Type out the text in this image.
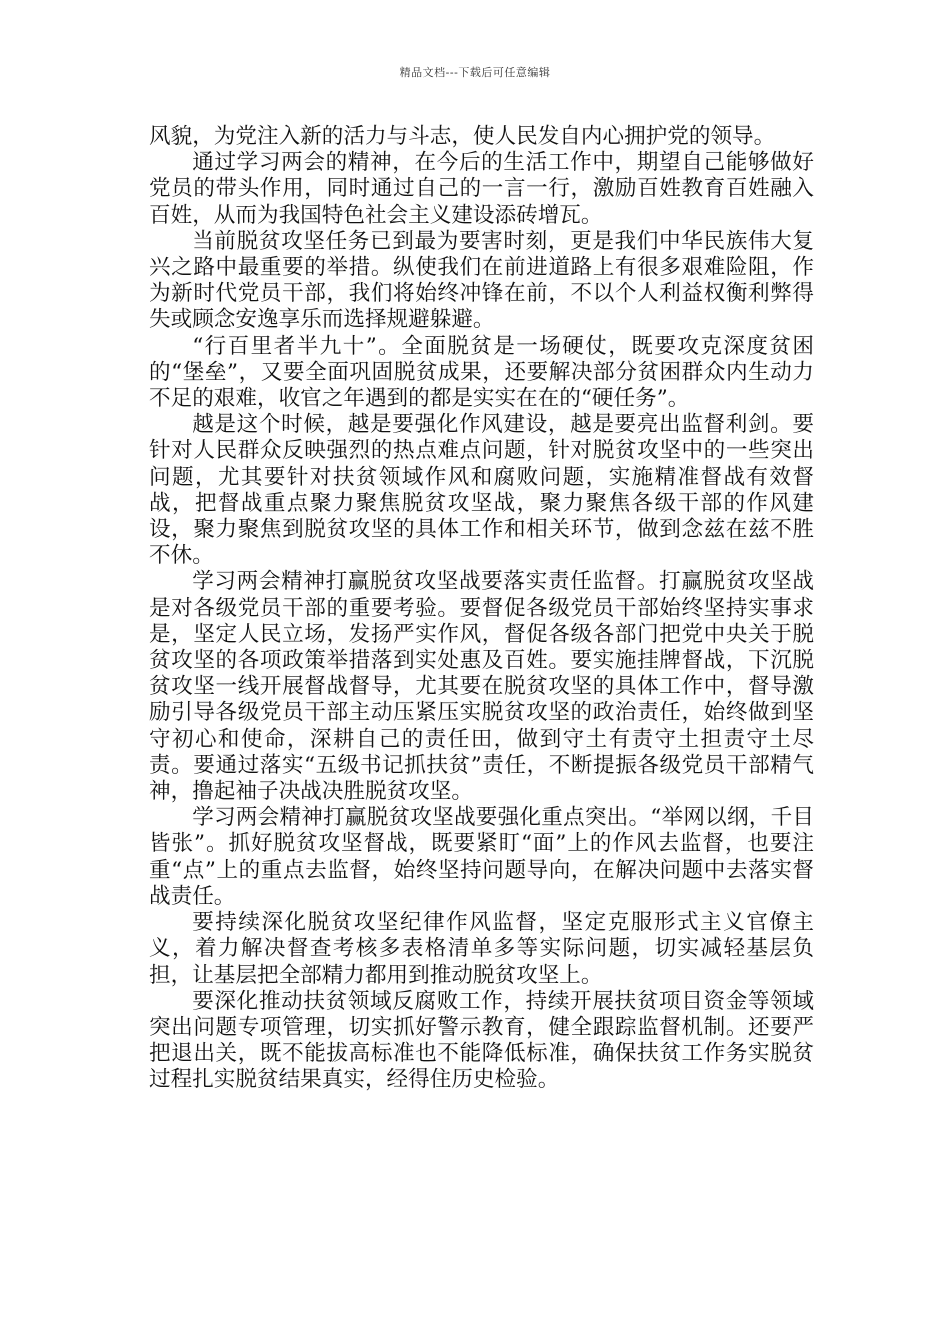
精品文档---下载后可任意编辑

风貌，为党注入新的活力与斗志，使人民发自内心拥护党的领导。

通过学习两会的精神，在今后的生活工作中，期望自己能够做好党员的带头作用，同时通过自己的一言一行，激励百姓教育百姓融入百姓，从而为我国特色社会主义建设添砖增瓦。

当前脱贫攻坚任务已到最为要害时刻，更是我们中华民族伟大复兴之路中最重要的举措。纵使我们在前进道路上有很多艰难险阻，作为新时代党员干部，我们将始终冲锋在前，不以个人利益权衡利弊得失或顾念安逸享乐而选择规避躲避。

“行百里者半九十”。全面脱贫是一场硬仗，既要攻克深度贫困的“堡垒”，又要全面巩固脱贫成果，还要解决部分贫困群众内生动力不足的艰难，收官之年遇到的都是实实在在的“硬任务”。

越是这个时候，越是要强化作风建设，越是要亮出监督利剑。要针对人民群众反映强烈的热点难点问题，针对脱贫攻坚中的一些突出问题，尤其要针对扶贫领域作风和腐败问题，实施精准督战有效督战，把督战重点聚力聚焦脱贫攻坚战，聚力聚焦各级干部的作风建设，聚力聚焦到脱贫攻坚的具体工作和相关环节，做到念兹在兹不胜不休。

学习两会精神打赢脱贫攻坚战要落实责任监督。打赢脱贫攻坚战是对各级党员干部的重要考验。要督促各级党员干部始终坚持实事求是，坚定人民立场，发扬严实作风，督促各级各部门把党中央关于脱贫攻坚的各项政策举措落到实处惠及百姓。要实施挂牌督战，下沉脱贫攻坚一线开展督战督导，尤其要在脱贫攻坚的具体工作中，督导激励引导各级党员干部主动压紧压实脱贫攻坚的政治责任，始终做到坚守初心和使命，深耕自己的责任田，做到守土有责守土担责守土尽责。要通过落实“五级书记抓扶贫”责任，不断提振各级党员干部精气神，撸起袖子决战决胜脱贫攻坚。

学习两会精神打赢脱贫攻坚战要强化重点突出。“举网以纲，千目皆张”。抓好脱贫攻坚督战，既要紧盯“面”上的作风去监督，也要注重“点”上的重点去监督，始终坚持问题导向，在解决问题中去落实督战责任。

要持续深化脱贫攻坚纪律作风监督，坚定克服形式主义官僚主义，着力解决督查考核多表格清单多等实际问题，切实减轻基层负担，让基层把全部精力都用到推动脱贫攻坚上。

要深化推动扶贫领域反腐败工作，持续开展扶贫项目资金等领域突出问题专项管理，切实抓好警示教育，健全跟踪监督机制。还要严把退出关，既不能拔高标准也不能降低标准，确保扶贫工作务实脱贫过程扎实脱贫结果真实，经得住历史检验。
